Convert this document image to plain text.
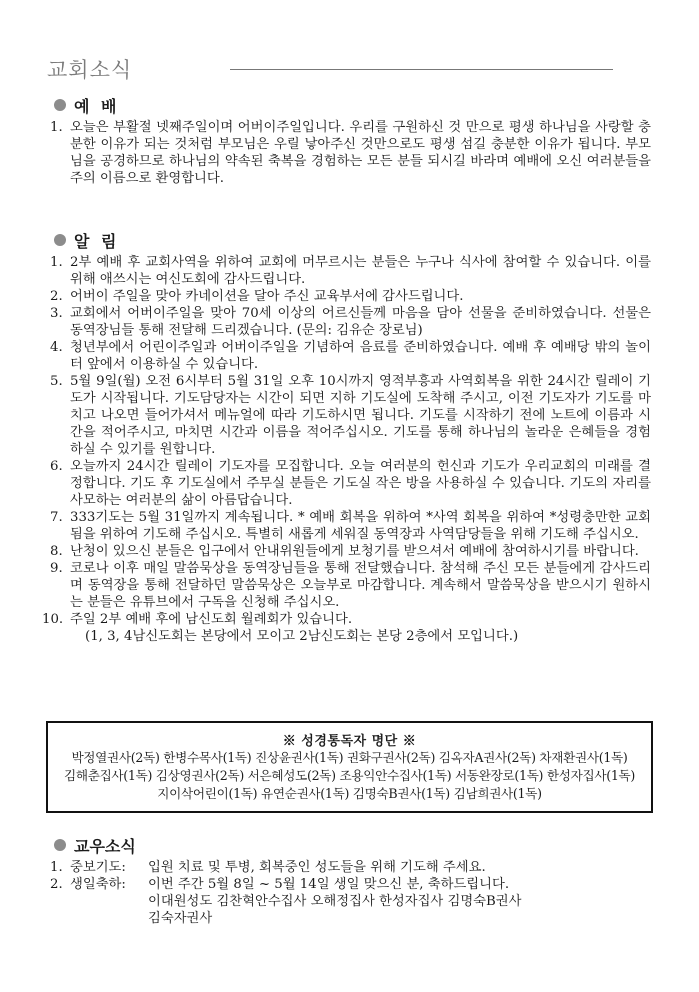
교회소식
예 배
1. 오늘은 부활절 넷째주일이며 어버이주일입니다. 우리를 구원하신 것 만으로 평생 하나님을 사랑할 충분한 이유가 되는 것처럼 부모님은 우릴 낳아주신 것만으로도 평생 섬길 충분한 이유가 됩니다. 부모님을 공경하므로 하나님의 약속된 축복을 경험하는 모든 분들 되시길 바라며 예배에 오신 여러분들을 주의 이름으로 환영합니다.
알 림
1. 2부 예배 후 교회사역을 위하여 교회에 머무르시는 분들은 누구나 식사에 참여할 수 있습니다. 이를 위해 애쓰시는 여신도회에 감사드립니다.
2. 어버이 주일을 맞아 카네이션을 달아 주신 교육부서에 감사드립니다.
3. 교회에서 어버이주일을 맞아 70세 이상의 어르신들께 마음을 담아 선물을 준비하였습니다. 선물은 동역장님들 통해 전달해 드리겠습니다. (문의: 김유순 장로님)
4. 청년부에서 어린이주일과 어버이주일을 기념하여 음료를 준비하였습니다. 예배 후 예배당 밖의 놀이터 앞에서 이용하실 수 있습니다.
5. 5월 9일(월) 오전 6시부터 5월 31일 오후 10시까지 영적부흥과 사역회복을 위한 24시간 릴레이 기도가 시작됩니다. 기도담당자는 시간이 되면 지하 기도실에 도착해 주시고, 이전 기도자가 기도를 마치고 나오면 들어가셔서 메뉴얼에 따라 기도하시면 됩니다. 기도를 시작하기 전에 노트에 이름과 시간을 적어주시고, 마치면 시간과 이름을 적어주십시오. 기도를 통해 하나님의 놀라운 은혜들을 경험하실 수 있기를 원합니다.
6. 오늘까지 24시간 릴레이 기도자를 모집합니다. 오늘 여러분의 헌신과 기도가 우리교회의 미래를 결정합니다. 기도 후 기도실에서 주무실 분들은 기도실 작은 방을 사용하실 수 있습니다. 기도의 자리를 사모하는 여러분의 삶이 아름답습니다.
7. 333기도는 5월 31일까지 계속됩니다. * 예배 회복을 위하여 *사역 회복을 위하여 *성령충만한 교회됨을 위하여 기도해 주십시오. 특별히 새롭게 세워질 동역장과 사역담당들을 위해 기도해 주십시오.
8. 난청이 있으신 분들은 입구에서 안내위원들에게 보청기를 받으셔서 예배에 참여하시기를 바랍니다.
9. 코로나 이후 매일 말씀묵상을 동역장님들을 통해 전달했습니다. 참석해 주신 모든 분들에게 감사드리며 동역장을 통해 전달하던 말씀묵상은 오늘부로 마감합니다. 계속해서 말씀묵상을 받으시기 원하시는 분들은 유튜브에서 구독을 신청해 주십시오.
10. 주일 2부 예배 후에 남신도회 월례회가 있습니다.
(1, 3, 4남신도회는 본당에서 모이고 2남신도회는 본당 2층에서 모입니다.)
※ 성경통독자 명단 ※
박정열권사(2독) 한병수목사(1독) 진상윤권사(1독) 권화구권사(2독) 김옥자A권사(2독) 차재환권사(1독)
김해춘집사(1독) 김상영권사(2독) 서은혜성도(2독) 조용익안수집사(1독) 서동완장로(1독) 한성자집사(1독)
지이삭어린이(1독) 유연순권사(1독) 김명숙B권사(1독) 김남희권사(1독)
교우소식
1. 중보기도:	입원 치료 및 투병, 회복중인 성도들을 위해 기도해 주세요.
2. 생일축하:	이번 주간 5월 8일 ~ 5월 14일 생일 맞으신 분, 축하드립니다.
이대원성도 김찬혁안수집사 오해정집사 한성자집사 김명숙B권사
김숙자권사
